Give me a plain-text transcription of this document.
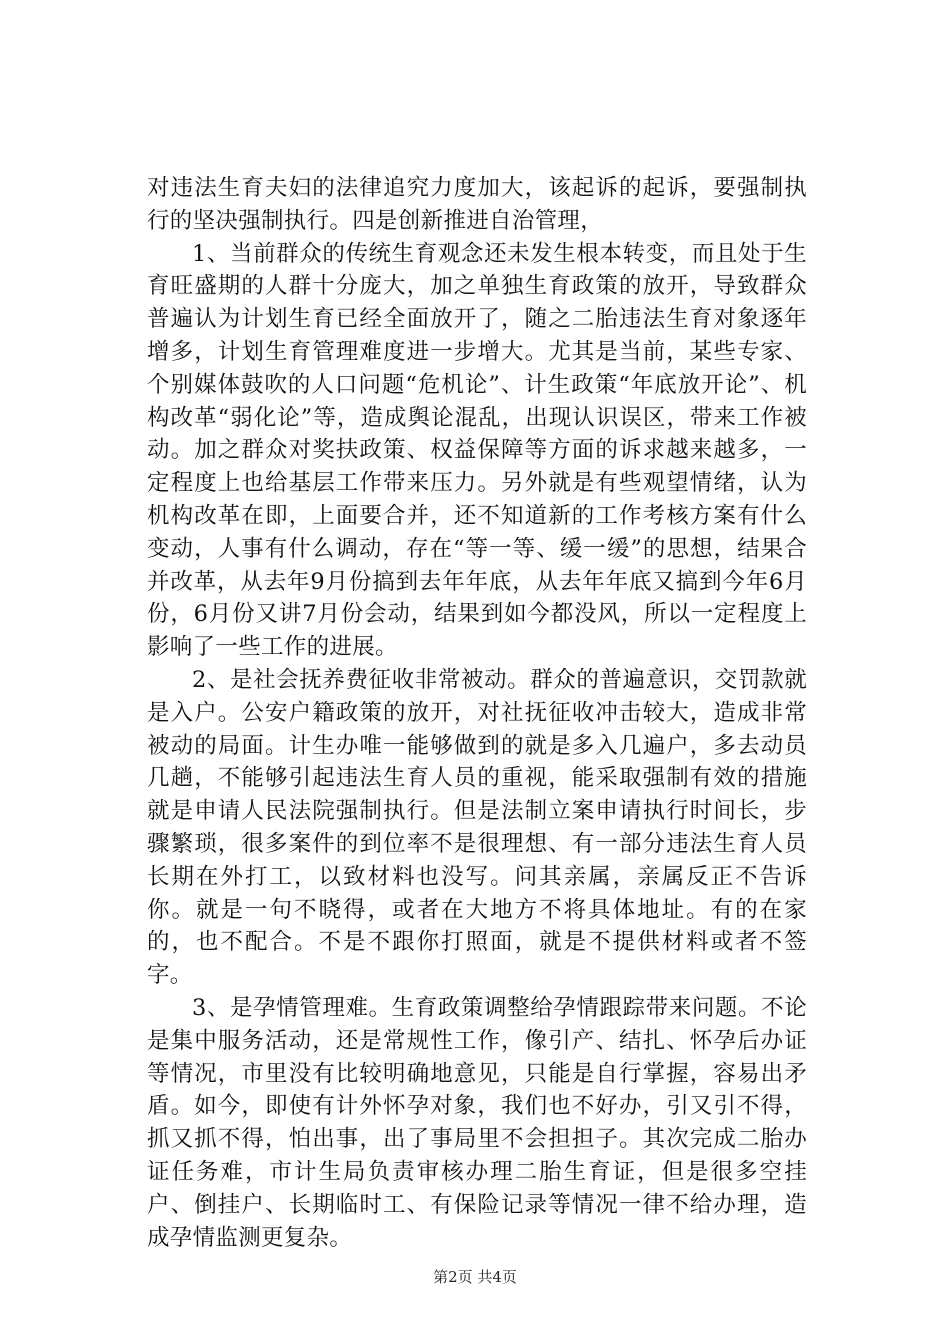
对违法生育夫妇的法律追究力度加大，该起诉的起诉，要强制执行的坚决强制执行。四是创新推进自治管理，

1、当前群众的传统生育观念还未发生根本转变，而且处于生育旺盛期的人群十分庞大，加之单独生育政策的放开，导致群众普遍认为计划生育已经全面放开了，随之二胎违法生育对象逐年增多，计划生育管理难度进一步增大。尤其是当前，某些专家、个别媒体鼓吹的人口问题“危机论”、计生政策“年底放开论”、机构改革“弱化论”等，造成舆论混乱，出现认识误区，带来工作被动。加之群众对奖扶政策、权益保障等方面的诉求越来越多，一定程度上也给基层工作带来压力。另外就是有些观望情绪，认为机构改革在即，上面要合并，还不知道新的工作考核方案有什么变动，人事有什么调动，存在“等一等、缓一缓”的思想，结果合并改革，从去年9月份搞到去年年底，从去年年底又搞到今年6月份，6月份又讲7月份会动，结果到如今都没风，所以一定程度上影响了一些工作的进展。

2、是社会抚养费征收非常被动。群众的普遍意识，交罚款就是入户。公安户籍政策的放开，对社抚征收冲击较大，造成非常被动的局面。计生办唯一能够做到的就是多入几遍户，多去动员几趟，不能够引起违法生育人员的重视，能采取强制有效的措施就是申请人民法院强制执行。但是法制立案申请执行时间长，步骤繁琐，很多案件的到位率不是很理想、有一部分违法生育人员长期在外打工，以致材料也没写。问其亲属，亲属反正不告诉你。就是一句不晓得，或者在大地方不将具体地址。有的在家的，也不配合。不是不跟你打照面，就是不提供材料或者不签字。

3、是孕情管理难。生育政策调整给孕情跟踪带来问题。不论是集中服务活动，还是常规性工作，像引产、结扎、怀孕后办证等情况，市里没有比较明确地意见，只能是自行掌握，容易出矛盾。如今，即使有计外怀孕对象，我们也不好办，引又引不得，抓又抓不得，怕出事，出了事局里不会担担子。其次完成二胎办证任务难，市计生局负责审核办理二胎生育证，但是很多空挂户、倒挂户、长期临时工、有保险记录等情况一律不给办理，造成孕情监测更复杂。

第2页 共4页
